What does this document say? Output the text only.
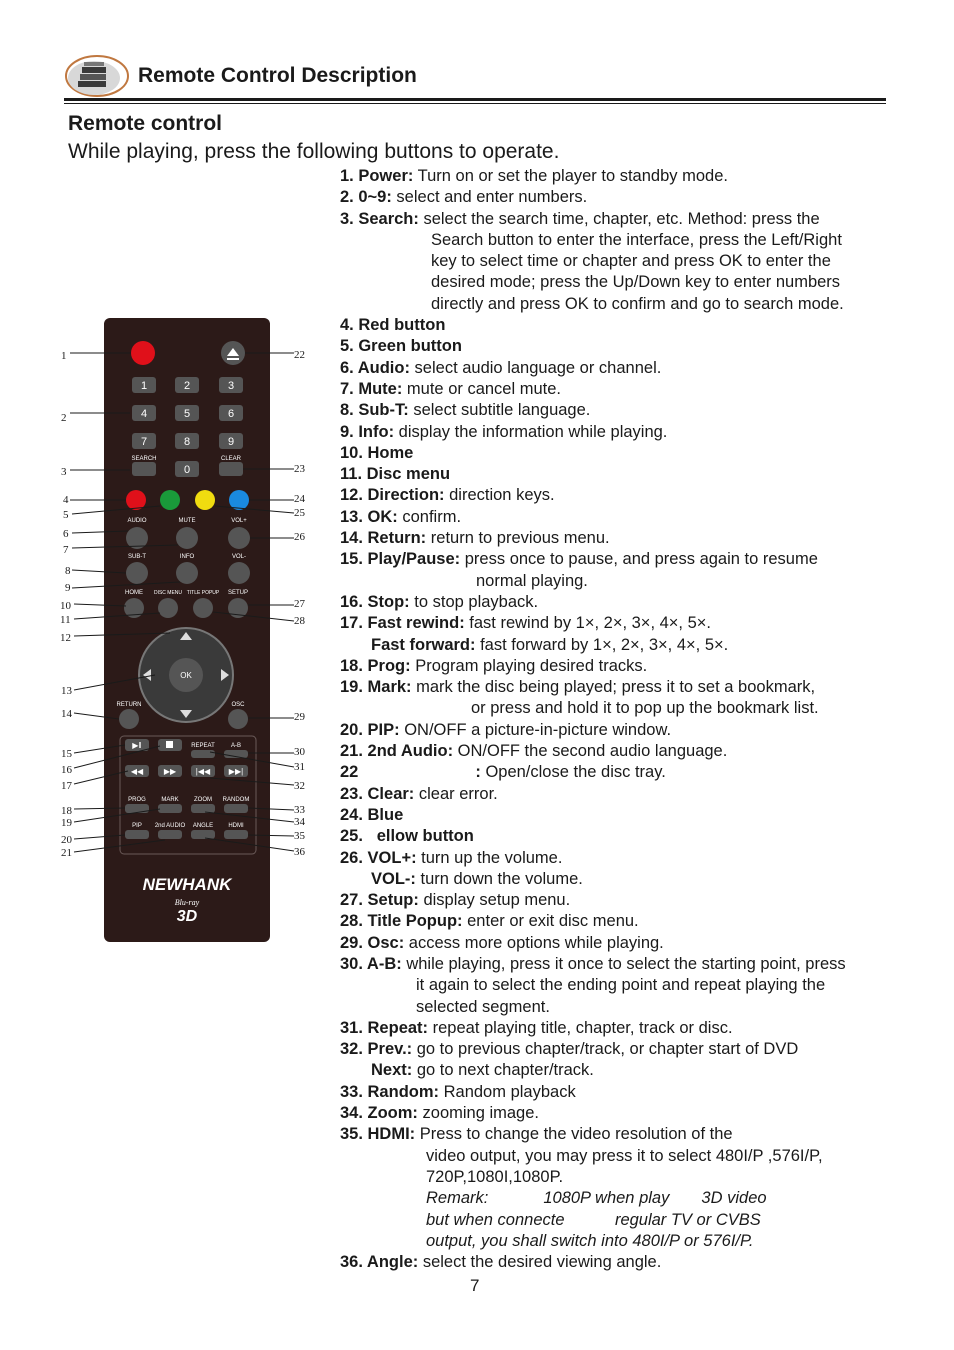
Remote Control Description
Remote control
While playing, press the following buttons to operate.
1	2	3
4	5	6
7	8	9
SEARCH
0
CLEAR
AUDIO	MUTE	VOL+
SUB-T	INFO	VOL-
HOME DISC MENU TITLE POPUP SETUP
OK
RETURN	OSC
▶‖	REPEAT	A-B
◀◀	▶▶ |◀◀ ▶▶|
PROG	MARK	ZOOM RANDOM
PIP 2nd AUDIO ANGLE	HDMI
NEWHANK
Blu-ray
3D
1
2
3
4
5
6
7
8
9
10
11
12
13
14
15
16
17
18
19
20
21
22
23
24
25
26
27
28
29
30
31
32
33
34
35
36
1. Power: Turn on or set the player to standby mode.
2. 0~9: select and enter numbers.
3. Search: select the search time, chapter, etc. Method: press the
Search button to enter the interface, press the Left/Right
key to select time or chapter and press OK to enter the
desired mode; press the Up/Down key to enter numbers
directly and press OK to confirm and go to search mode.
4. Red button
5. Green button
6. Audio: select audio language or channel.
7. Mute: mute or cancel mute.
8. Sub-T: select subtitle language.
9. Info: display the information while playing.
10. Home
11. Disc menu
12. Direction: direction keys.
13. OK: confirm.
14. Return: return to previous menu.
15. Play/Pause: press once to pause, and press again to resume
normal playing.
16. Stop: to stop playback.
17. Fast rewind: fast rewind by 1×, 2×, 3×, 4×, 5×.
Fast forward: fast forward by 1×, 2×, 3×, 4×, 5×.
18. Prog: Program playing desired tracks.
19. Mark: mark the disc being played; press it to set a bookmark,
or press and hold it to pop up the bookmark list.
20. PIP: ON/OFF a picture-in-picture window.
21. 2nd Audio: ON/OFF the second audio language.
22	: Open/close the disc tray.
23. Clear: clear error.
24. Blue
25.   ellow button
26. VOL+: turn up the volume.
VOL-: turn down the volume.
27. Setup: display setup menu.
28. Title Popup: enter or exit disc menu.
29. Osc: access more options while playing.
30. A-B: while playing, press it once to select the starting point, press
it again to select the ending point and repeat playing the
selected segment.
31. Repeat: repeat playing title, chapter, track or disc.
32. Prev.: go to previous chapter/track, or chapter start of DVD
Next: go to next chapter/track.
33. Random: Random playback
34. Zoom: zooming image.
35. HDMI: Press to change the video resolution of the
video output, you may press it to select 480I/P ,576I/P,
720P,1080I,1080P.
Remark:            1080P when play       3D video
but when connecte           regular TV or CVBS
output, you shall switch into 480I/P or 576I/P.
36. Angle: select the desired viewing angle.
7
